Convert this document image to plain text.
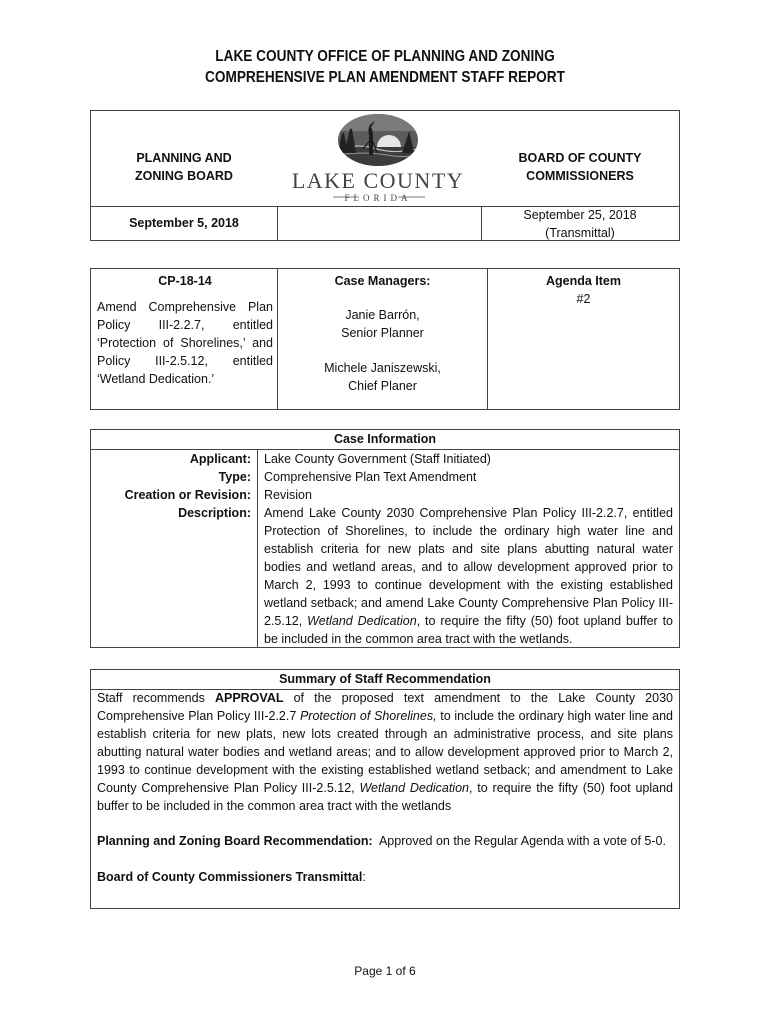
LAKE COUNTY OFFICE OF PLANNING AND ZONING
COMPREHENSIVE PLAN AMENDMENT STAFF REPORT
PLANNING AND
ZONING BOARD	LAKE COUNTY
FLORIDA
BOARD OF COUNTY
COMMISSIONERS
September 5, 2018
September 25, 2018
(Transmittal)
CP-18-14
Amend Comprehensive Plan Policy III-2.2.7, entitled ‘Protection of Shorelines,’ and Policy III-2.5.12, entitled ‘Wetland Dedication.’
Case Managers:
Janie Barrón,
Senior Planner
Michele Janiszewski,
Chief Planer
Agenda Item
#2
Case Information
Applicant: Lake County Government (Staff Initiated)
Type: Comprehensive Plan Text Amendment
Creation or Revision: Revision
Description: Amend Lake County 2030 Comprehensive Plan Policy III-2.2.7, entitled Protection of Shorelines, to include the ordinary high water line and establish criteria for new plats and site plans abutting natural water bodies and wetland areas, and to allow development approved prior to March 2, 1993 to continue development with the existing established wetland setback; and amend Lake County Comprehensive Plan Policy III-2.5.12, Wetland Dedication, to require the fifty (50) foot upland buffer to be included in the common area tract with the wetlands.
Summary of Staff Recommendation
Staff recommends APPROVAL of the proposed text amendment to the Lake County 2030 Comprehensive Plan Policy III-2.2.7 Protection of Shorelines, to include the ordinary high water line and establish criteria for new plats, new lots created through an administrative process, and site plans abutting natural water bodies and wetland areas; and to allow development approved prior to March 2, 1993 to continue development with the existing established wetland setback; and amendment to Lake County Comprehensive Plan Policy III-2.5.12, Wetland Dedication, to require the fifty (50) foot upland buffer to be included in the common area tract with the wetlands
Planning and Zoning Board Recommendation:  Approved on the Regular Agenda with a vote of 5-0.
Board of County Commissioners Transmittal:
Page 1 of 6
